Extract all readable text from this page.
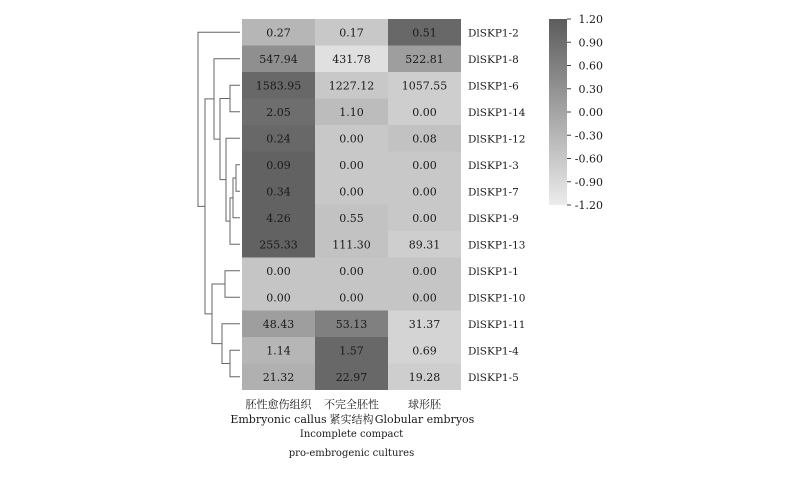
0.27	0.17	0.51
547.94	431.78	522.81
1583.95	1227.12	1057.55
2.05	1.10	0.00
0.24	0.00	0.08
0.09	0.00	0.00
0.34	0.00	0.00
4.26	0.55	0.00
255.33	111.30	89.31
0.00	0.00	0.00
0.00	0.00	0.00
48.43	53.13	31.37
1.14	1.57	0.69
21.32	22.97	19.28
DlSKP1-2
DlSKP1-8
DlSKP1-6
DlSKP1-14
DlSKP1-12
DlSKP1-3
DlSKP1-7
DlSKP1-9
DlSKP1-13
DlSKP1-1
DlSKP1-10
DlSKP1-11
DlSKP1-4
DlSKP1-5
胚性愈伤组织
Embryonic callus
不完全胚性
紧实结构
Incomplete compact
pro-embrogenic cultures
球形胚
Globular embryos
1.20
0.90
0.60
0.30
0.00
-0.30
-0.60
-0.90
-1.20
